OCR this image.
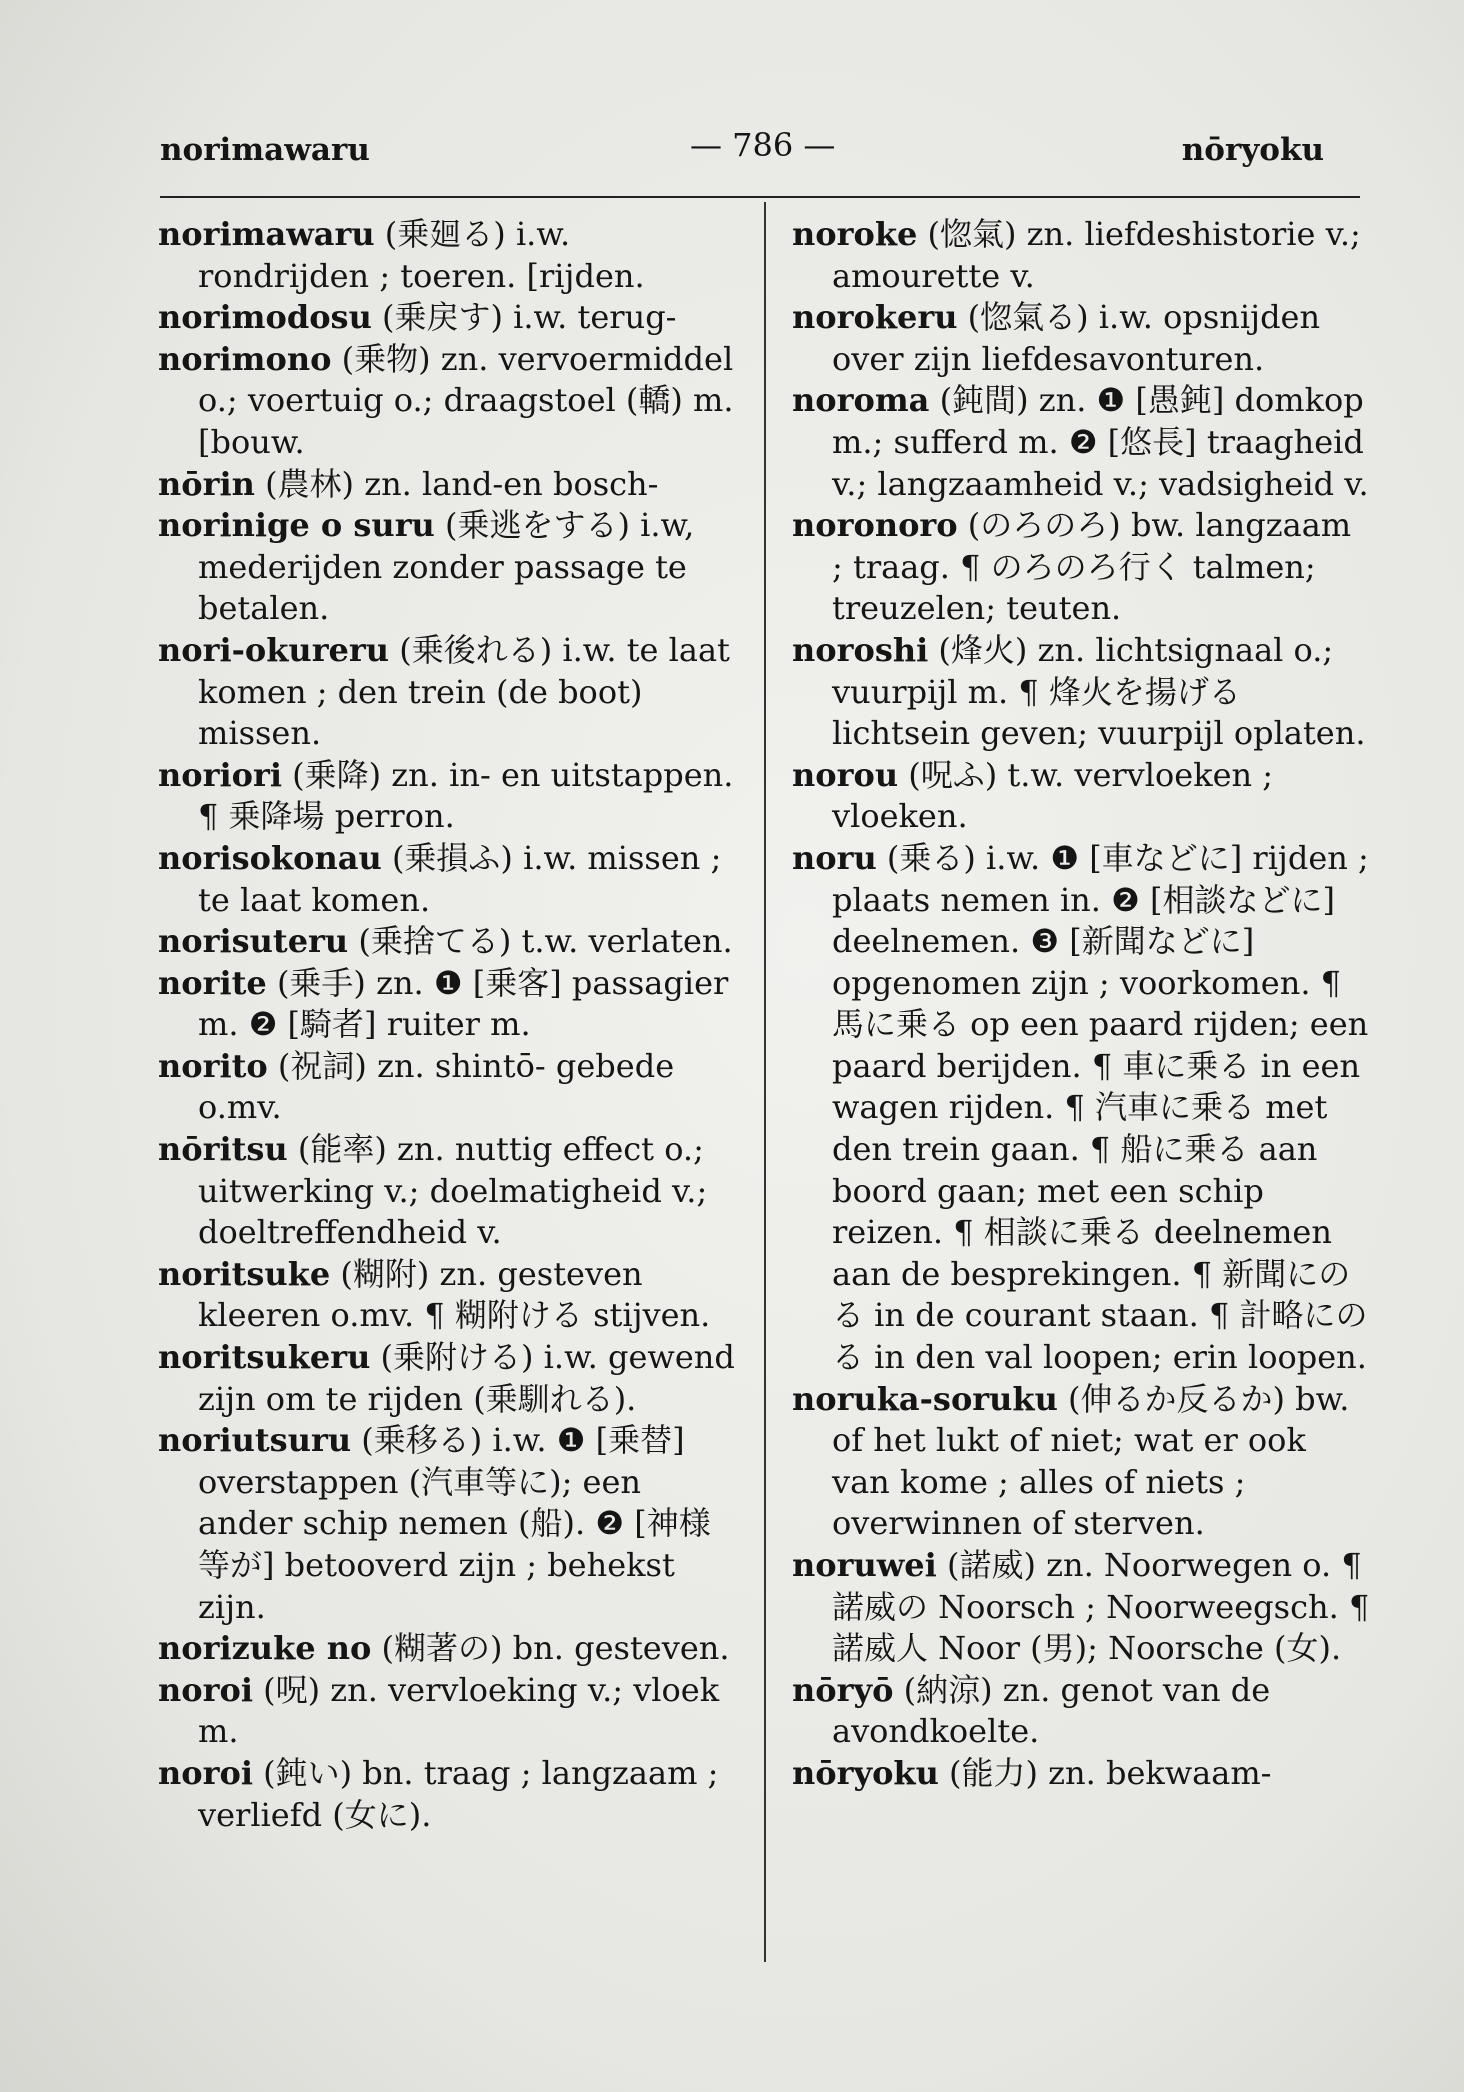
norimawaru	— 786 —	nōryoku
norimawaru (乗廻る) i.w. rondrijden ; toeren. [rijden.
norimodosu (乗戻す) i.w. terug-
norimono (乗物) zn. vervoermiddel o.; voertuig o.; draagstoel (轎) m. [bouw.
nōrin (農林) zn. land-en bosch-
norinige o suru (乗逃をする) i.w, mederijden zonder passage te betalen.
nori-okureru (乗後れる) i.w. te laat komen ; den trein (de boot) missen.
noriori (乗降) zn. in- en uitstappen. ¶ 乗降場 perron.
norisokonau (乗損ふ) i.w. missen ; te laat komen.
norisuteru (乗捨てる) t.w. verlaten.
norite (乗手) zn. ❶ [乗客] passagier m. ❷ [騎者] ruiter m.
norito (祝詞) zn. shintō- gebede o.mv.
nōritsu (能率) zn. nuttig effect o.; uitwerking v.; doelmatigheid v.; doeltreffendheid v.
noritsuke (糊附) zn. gesteven kleeren o.mv. ¶ 糊附ける stijven.
noritsukeru (乗附ける) i.w. gewend zijn om te rijden (乗馴れる).
noriutsuru (乗移る) i.w. ❶ [乗替] overstappen (汽車等に); een ander schip nemen (船). ❷ [神様等が] betooverd zijn ; behekst zijn.
norizuke no (糊著の) bn. gesteven.
noroi (呪) zn. vervloeking v.; vloek m.
noroi (鈍い) bn. traag ; langzaam ; verliefd (女に).
noroke (惚氣) zn. liefdeshistorie v.; amourette v.
norokeru (惚氣る) i.w. opsnijden over zijn liefdesavonturen.
noroma (鈍間) zn. ❶ [愚鈍] domkop m.; sufferd m. ❷ [悠長] traagheid v.; langzaamheid v.; vadsigheid v.
noronoro (のろのろ) bw. langzaam ; traag. ¶ のろのろ行く talmen; treuzelen; teuten.
noroshi (烽火) zn. lichtsignaal o.; vuurpijl m. ¶ 烽火を揚げる lichtsein geven; vuurpijl oplaten.
norou (呪ふ) t.w. vervloeken ; vloeken.
noru (乗る) i.w. ❶ [車などに] rijden ; plaats nemen in. ❷ [相談などに] deelnemen. ❸ [新聞などに] opgenomen zijn ; voorkomen. ¶ 馬に乗る op een paard rijden; een paard berijden. ¶ 車に乗る in een wagen rijden. ¶ 汽車に乗る met den trein gaan. ¶ 船に乗る aan boord gaan; met een schip reizen. ¶ 相談に乗る deelnemen aan de besprekingen. ¶ 新聞にのる in de courant staan. ¶ 計略にのる in den val loopen; erin loopen.
noruka-soruku (伸るか反るか) bw. of het lukt of niet; wat er ook van kome ; alles of niets ; overwinnen of sterven.
noruwei (諾威) zn. Noorwegen o. ¶ 諾威の Noorsch ; Noorweegsch. ¶ 諾威人 Noor (男); Noorsche (女).
nōryō (納涼) zn. genot van de avondkoelte.
nōryoku (能力) zn. bekwaam-
